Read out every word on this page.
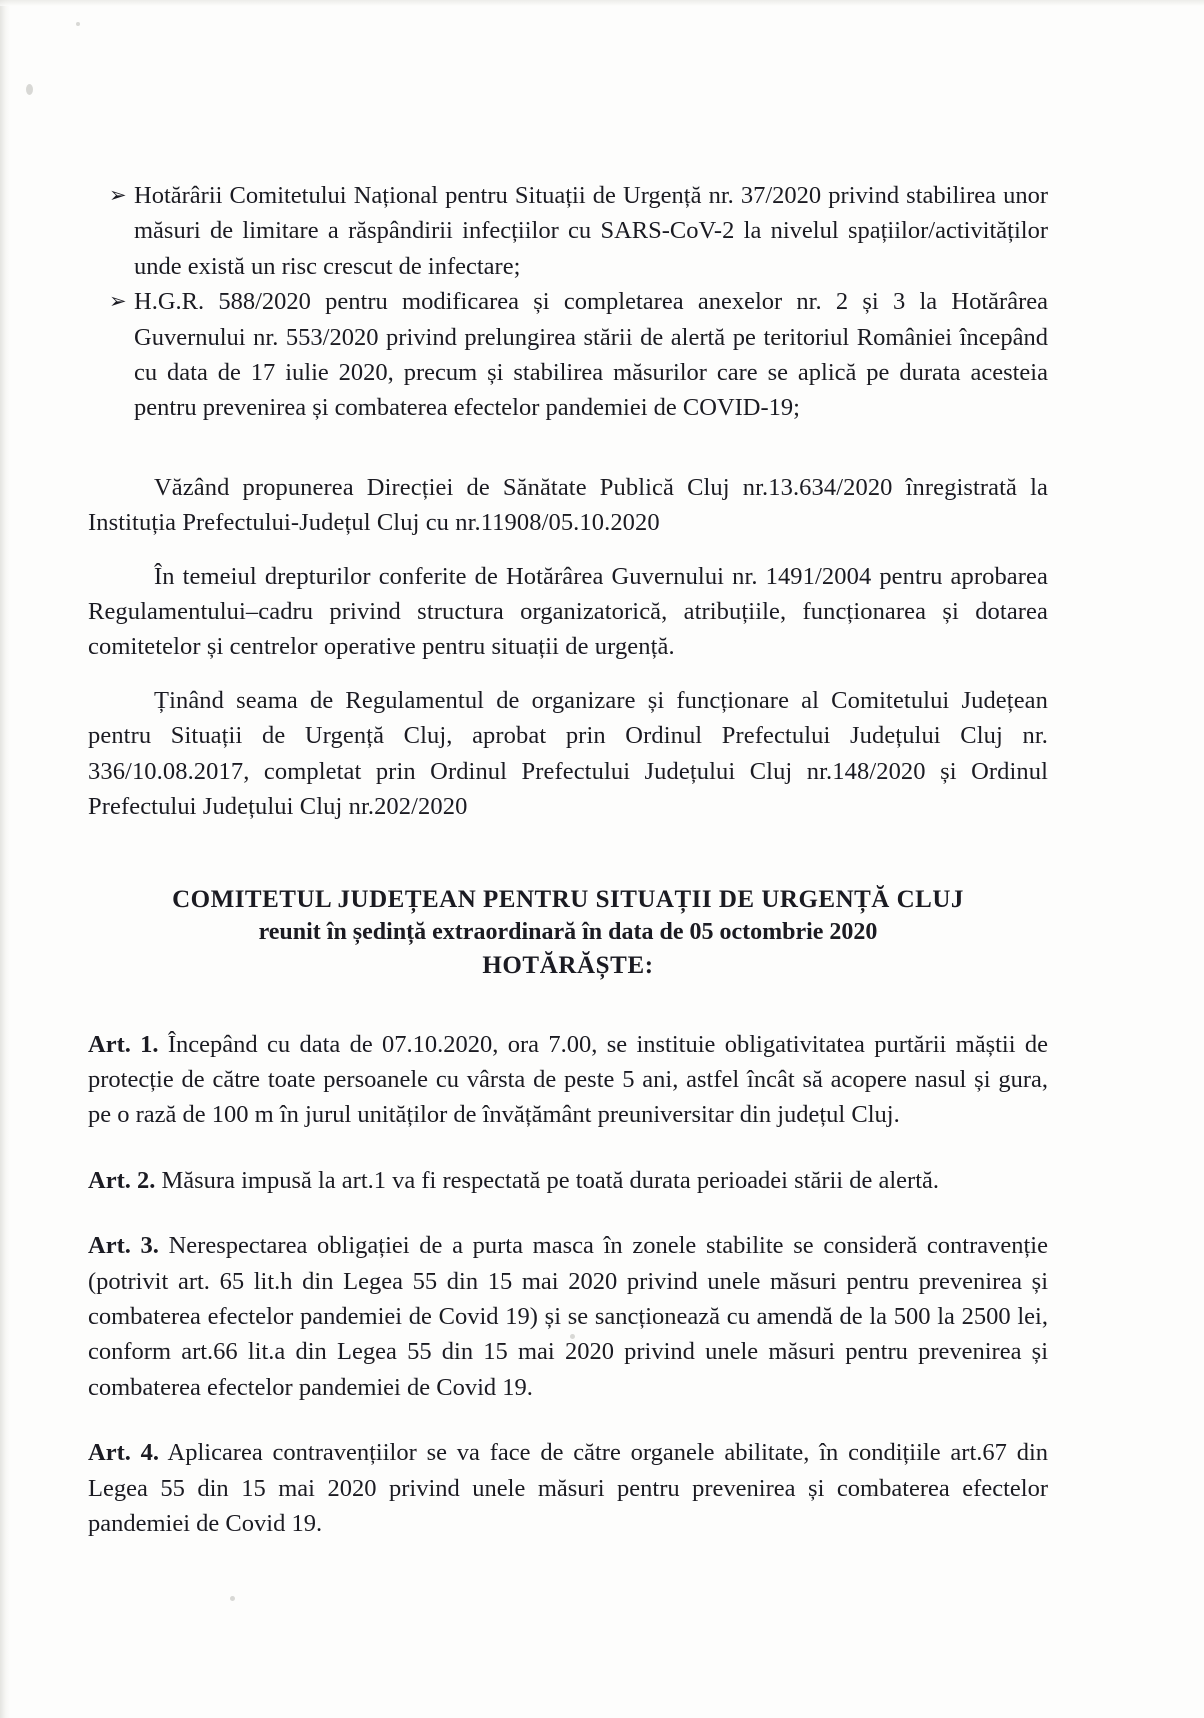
➢ Hotărârii Comitetului Național pentru Situații de Urgență nr. 37/2020 privind stabilirea unor măsuri de limitare a răspândirii infecțiilor cu SARS-CoV-2 la nivelul spațiilor/activităților unde există un risc crescut de infectare;
➢ H.G.R. 588/2020 pentru modificarea și completarea anexelor nr. 2 și 3 la Hotărârea Guvernului nr. 553/2020 privind prelungirea stării de alertă pe teritoriul României începând cu data de 17 iulie 2020, precum și stabilirea măsurilor care se aplică pe durata acesteia pentru prevenirea și combaterea efectelor pandemiei de COVID-19;

Văzând propunerea Direcției de Sănătate Publică Cluj nr.13.634/2020 înregistrată la Instituția Prefectului-Județul Cluj cu nr.11908/05.10.2020

În temeiul drepturilor conferite de Hotărârea Guvernului nr. 1491/2004 pentru aprobarea Regulamentului–cadru privind structura organizatorică, atribuțiile, funcționarea și dotarea comitetelor și centrelor operative pentru situații de urgență.

Ținând seama de Regulamentul de organizare și funcționare al Comitetului Județean pentru Situații de Urgență Cluj, aprobat prin Ordinul Prefectului Județului Cluj nr. 336/10.08.2017, completat prin Ordinul Prefectului Județului Cluj nr.148/2020 și Ordinul Prefectului Județului Cluj nr.202/2020

COMITETUL JUDEȚEAN PENTRU SITUAȚII DE URGENȚĂ CLUJ
reunit în ședință extraordinară în data de 05 octombrie 2020
HOTĂRĂȘTE:

Art. 1. Începând cu data de 07.10.2020, ora 7.00, se instituie obligativitatea purtării măștii de protecție de către toate persoanele cu vârsta de peste 5 ani, astfel încât să acopere nasul și gura, pe o rază de 100 m în jurul unităților de învățământ preuniversitar din județul Cluj.

Art. 2. Măsura impusă la art.1 va fi respectată pe toată durata perioadei stării de alertă.

Art. 3. Nerespectarea obligației de a purta masca în zonele stabilite se consideră contravenție (potrivit art. 65 lit.h din Legea 55 din 15 mai 2020 privind unele măsuri pentru prevenirea și combaterea efectelor pandemiei de Covid 19) și se sancționează cu amendă de la 500 la 2500 lei, conform art.66 lit.a din Legea 55 din 15 mai 2020 privind unele măsuri pentru prevenirea și combaterea efectelor pandemiei de Covid 19.

Art. 4. Aplicarea contravențiilor se va face de către organele abilitate, în condițiile art.67 din Legea 55 din 15 mai 2020 privind unele măsuri pentru prevenirea și combaterea efectelor pandemiei de Covid 19.
